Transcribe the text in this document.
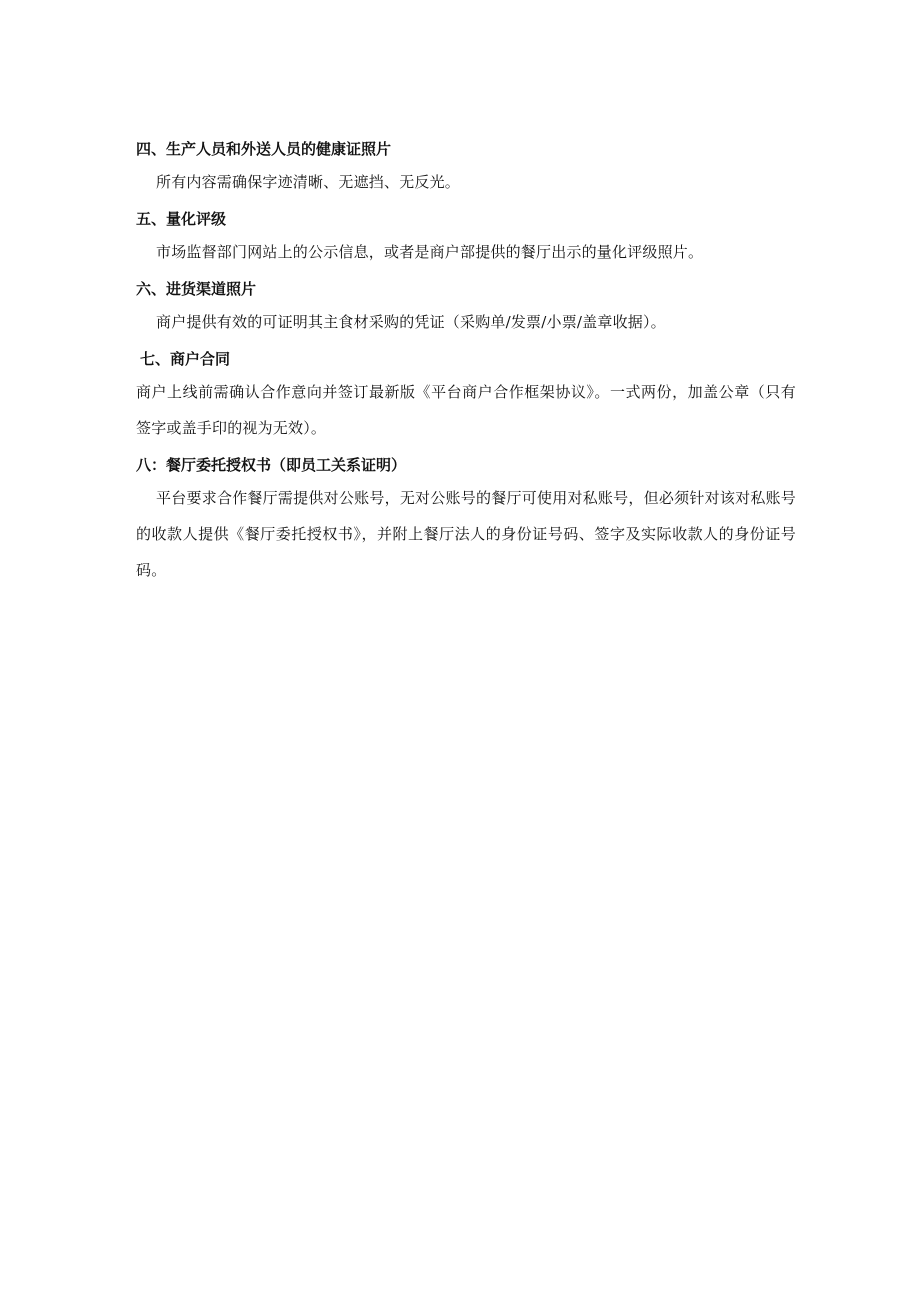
四、生产人员和外送人员的健康证照片

所有内容需确保字迹清晰、无遮挡、无反光。

五、量化评级

市场监督部门网站上的公示信息，或者是商户部提供的餐厅出示的量化评级照片。

六、进货渠道照片

商户提供有效的可证明其主食材采购的凭证（采购单/发票/小票/盖章收据）。

七、商户合同

商户上线前需确认合作意向并签订最新版《平台商户合作框架协议》。一式两份，加盖公章（只有签字或盖手印的视为无效）。

八：餐厅委托授权书（即员工关系证明）

平台要求合作餐厅需提供对公账号，无对公账号的餐厅可使用对私账号，但必须针对该对私账号的收款人提供《餐厅委托授权书》，并附上餐厅法人的身份证号码、签字及实际收款人的身份证号码。
